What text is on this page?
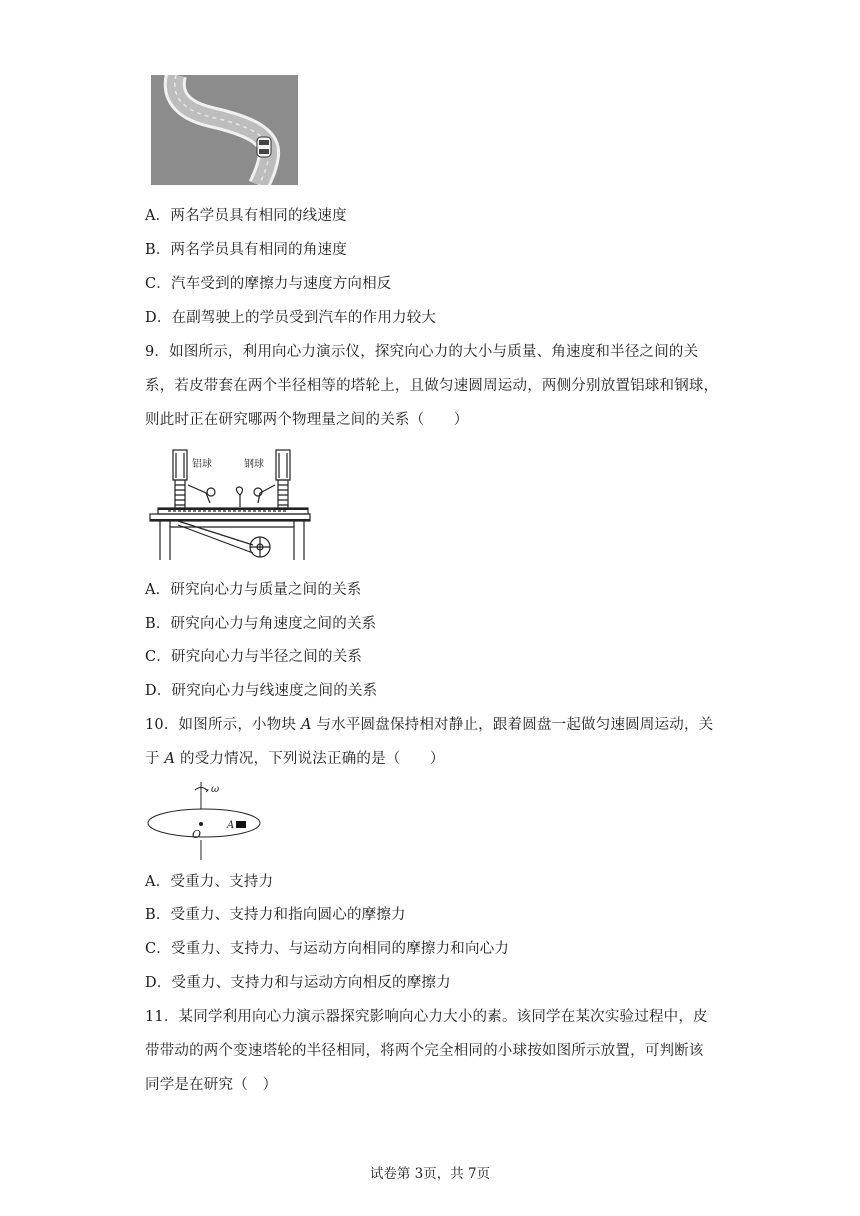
A．两名学员具有相同的线速度
B．两名学员具有相同的角速度
C．汽车受到的摩擦力与速度方向相反
D．在副驾驶上的学员受到汽车的作用力较大
9．如图所示，利用向心力演示仪，探究向心力的大小与质量、角速度和半径之间的关
系，若皮带套在两个半径相等的塔轮上，且做匀速圆周运动，两侧分别放置铝球和钢球，
则此时正在研究哪两个物理量之间的关系（　　）
铝球	钢球
A．研究向心力与质量之间的关系
B．研究向心力与角速度之间的关系
C．研究向心力与半径之间的关系
D．研究向心力与线速度之间的关系
10．如图所示，小物块 A 与水平圆盘保持相对静止，跟着圆盘一起做匀速圆周运动，关
于 A 的受力情况，下列说法正确的是（　　）
ω
O
A
A．受重力、支持力
B．受重力、支持力和指向圆心的摩擦力
C．受重力、支持力、与运动方向相同的摩擦力和向心力
D．受重力、支持力和与运动方向相反的摩擦力
11．某同学利用向心力演示器探究影响向心力大小的素。该同学在某次实验过程中，皮
带带动的两个变速塔轮的半径相同，将两个完全相同的小球按如图所示放置，可判断该
同学是在研究（　）
试卷第 3页，共 7页
